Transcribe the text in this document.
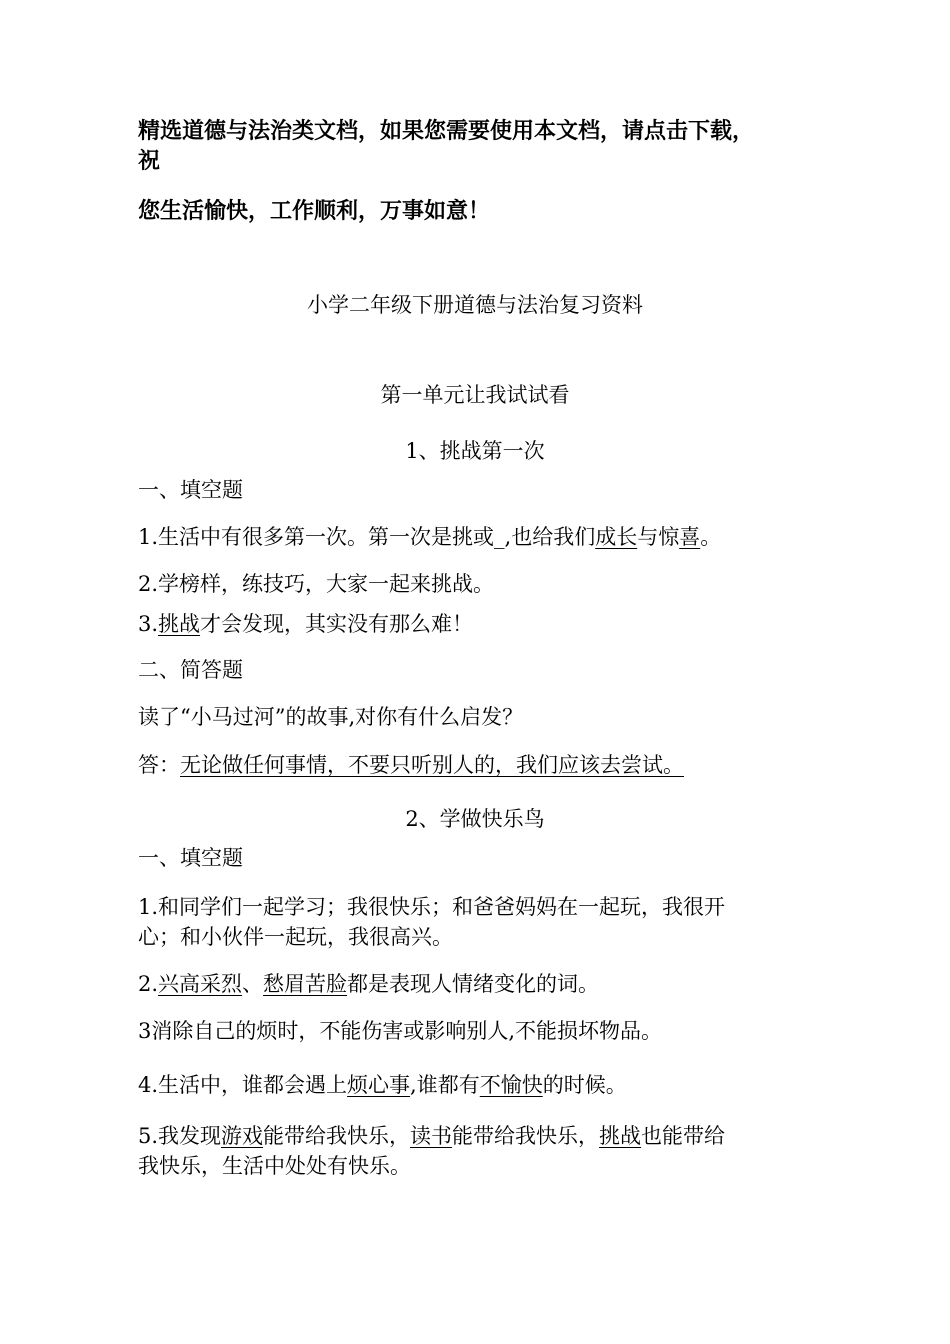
精选道德与法治类文档，如果您需要使用本文档，请点击下载，
祝
您生活愉快，工作顺利，万事如意！
小学二年级下册道德与法治复习资料
第一单元让我试试看
1、挑战第一次
一、填空题
1.生活中有很多第一次。第一次是挑或_,也给我们成长与惊喜。
2.学榜样，练技巧，大家一起来挑战。
3.挑战才会发现，其实没有那么难！
二、简答题
读了“小马过河”的故事,对你有什么启发？
答：无论做任何事情，不要只听别人的，我们应该去尝试。
2、学做快乐鸟
一、填空题
1.和同学们一起学习；我很快乐；和爸爸妈妈在一起玩，我很开
心；和小伙伴一起玩，我很高兴。
2.兴高采烈、愁眉苦脸都是表现人情绪变化的词。
3消除自己的烦时，不能伤害或影响别人,不能损坏物品。
4.生活中，谁都会遇上烦心事,谁都有不愉快的时候。
5.我发现游戏能带给我快乐，读书能带给我快乐，挑战也能带给
我快乐，生活中处处有快乐。
